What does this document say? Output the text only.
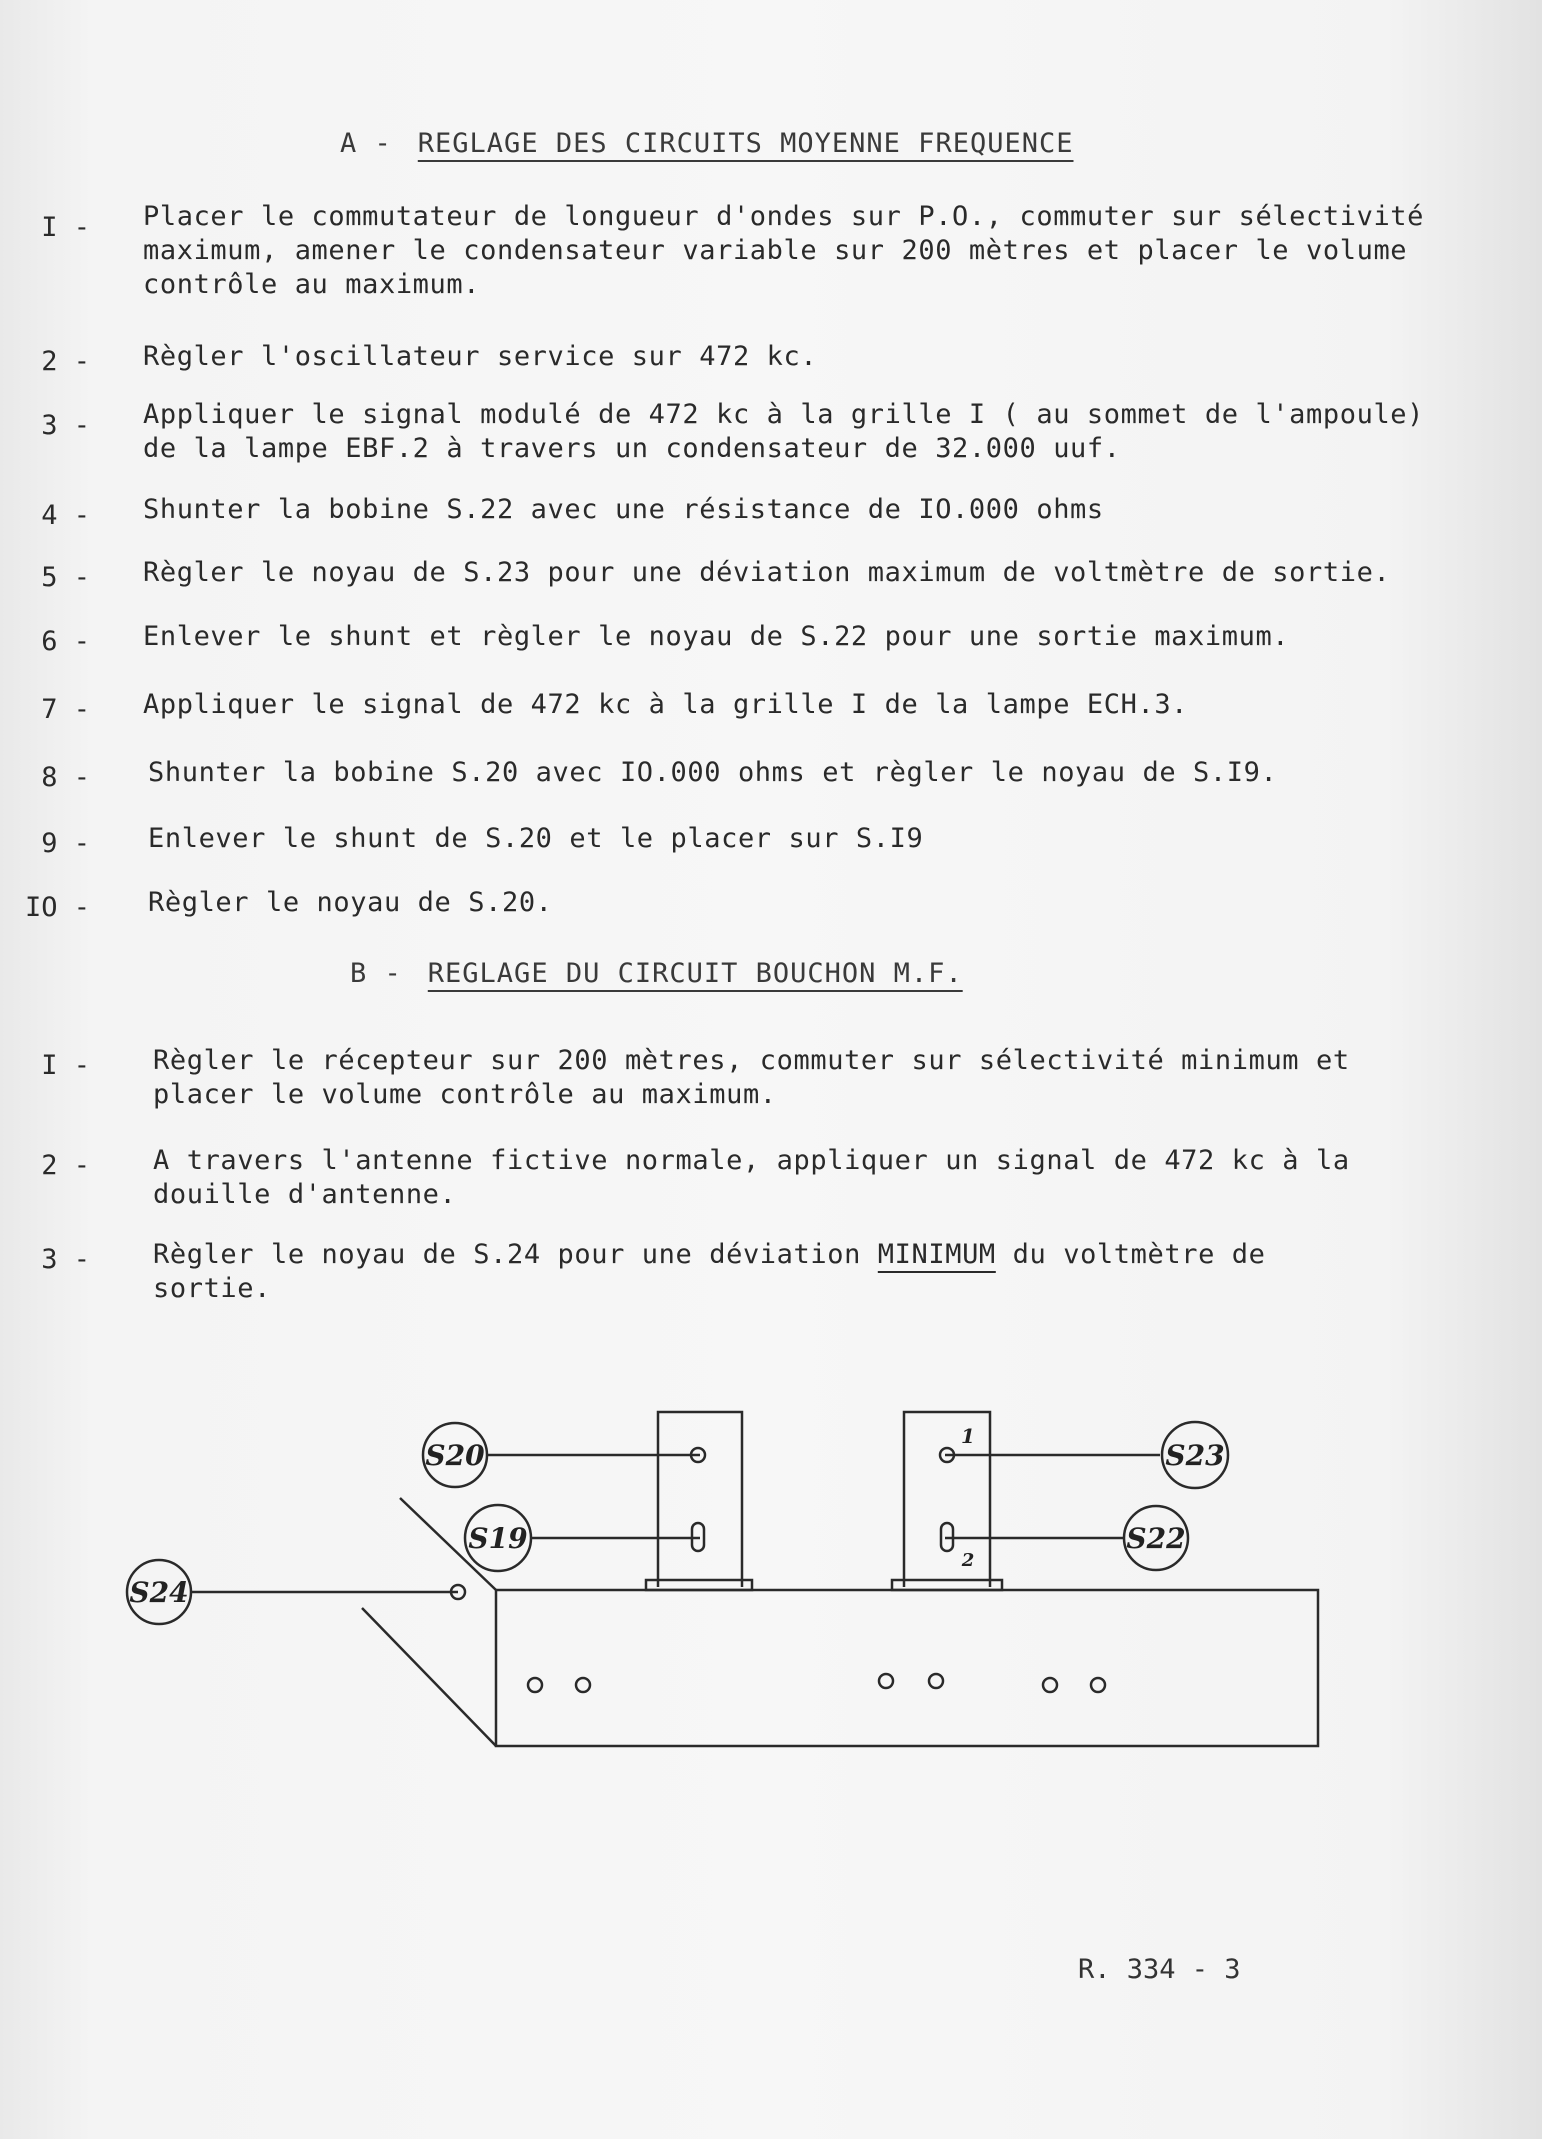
A - REGLAGE DES CIRCUITS MOYENNE FREQUENCE
I - Placer le commutateur de longueur d'ondes sur P.O., commuter sur sélectivité maximum, amener le condensateur variable sur 200 mètres et placer le volume contrôle au maximum.
2 - Règler l'oscillateur service sur 472 kc.
3 - Appliquer le signal modulé de 472 kc à la grille I ( au sommet de l'ampoule) de la lampe EBF.2 à travers un condensateur de 32.000 uuf.
4 - Shunter la bobine S.22 avec une résistance de IO.000 ohms
5 - Règler le noyau de S.23 pour une déviation maximum de voltmètre de sortie.
6 - Enlever le shunt et règler le noyau de S.22 pour une sortie maximum.
7 - Appliquer le signal de 472 kc à la grille I de la lampe ECH.3.
8 - Shunter la bobine S.20 avec IO.000 ohms et règler le noyau de S.I9.
9 - Enlever le shunt de S.20 et le placer sur S.I9
IO - Règler le noyau de S.20.
B - REGLAGE DU CIRCUIT BOUCHON M.F.
I - Règler le récepteur sur 200 mètres, commuter sur sélectivité minimum et placer le volume contrôle au maximum.
2 - A travers l'antenne fictive normale, appliquer un signal de 472 kc à la douille d'antenne.
3 - Règler le noyau de S.24 pour une déviation MINIMUM du voltmètre de sortie.
S20
S19
S23
S22
S24
1
2
R. 334 - 3
